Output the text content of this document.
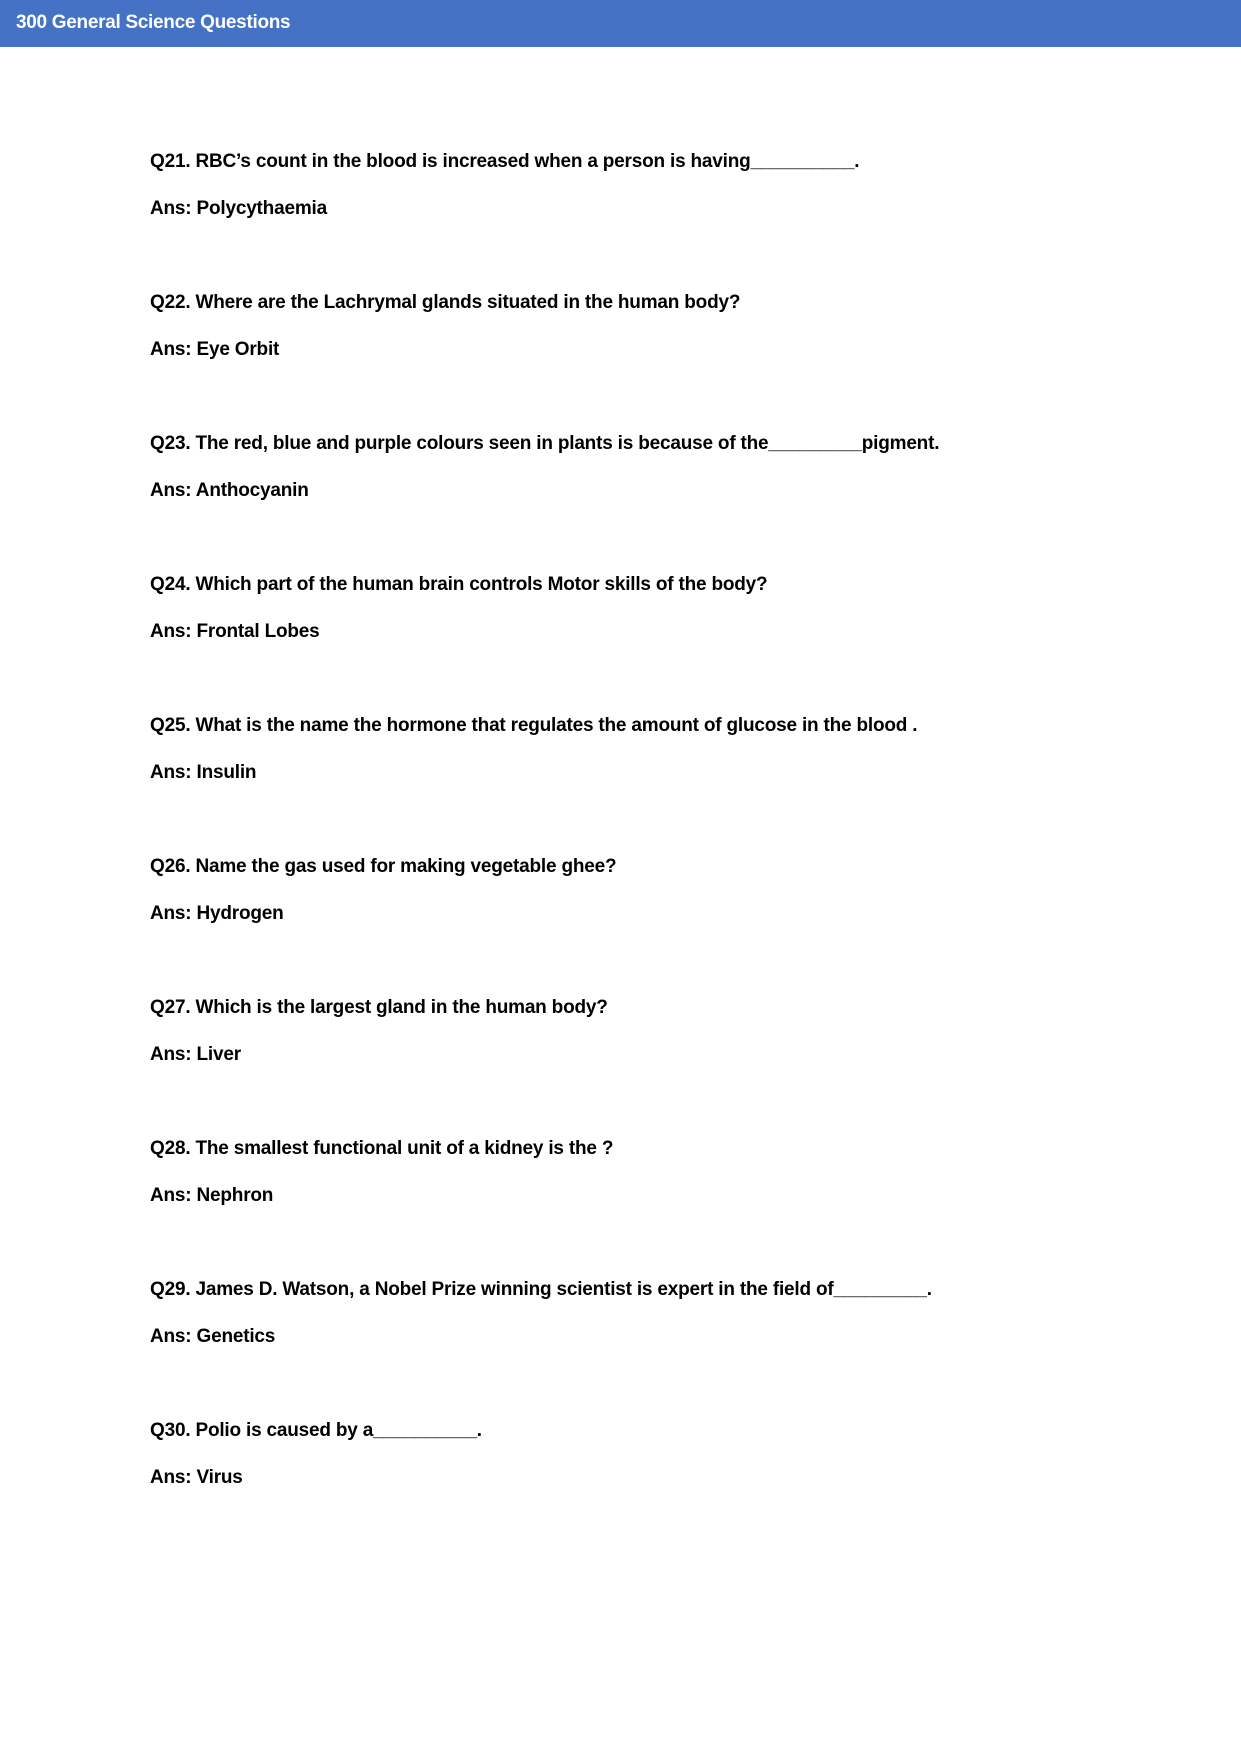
300 General Science Questions
Q21. RBC’s count in the blood is increased when a person is having__________.
Ans: Polycythaemia
Q22. Where are the Lachrymal glands situated in the human body?
Ans: Eye Orbit
Q23. The red, blue and purple colours seen in plants is because of the_________pigment.
Ans: Anthocyanin
Q24. Which part of the human brain controls Motor skills of the body?
Ans: Frontal Lobes
Q25. What is the name the hormone that regulates the amount of glucose in the blood .
Ans: Insulin
Q26. Name the gas used for making vegetable ghee?
Ans: Hydrogen
Q27. Which is the largest gland in the human body?
Ans: Liver
Q28. The smallest functional unit of a kidney is the ?
Ans: Nephron
Q29. James D. Watson, a Nobel Prize winning scientist is expert in the field of_________.
Ans: Genetics
Q30. Polio is caused by a__________.
Ans: Virus
